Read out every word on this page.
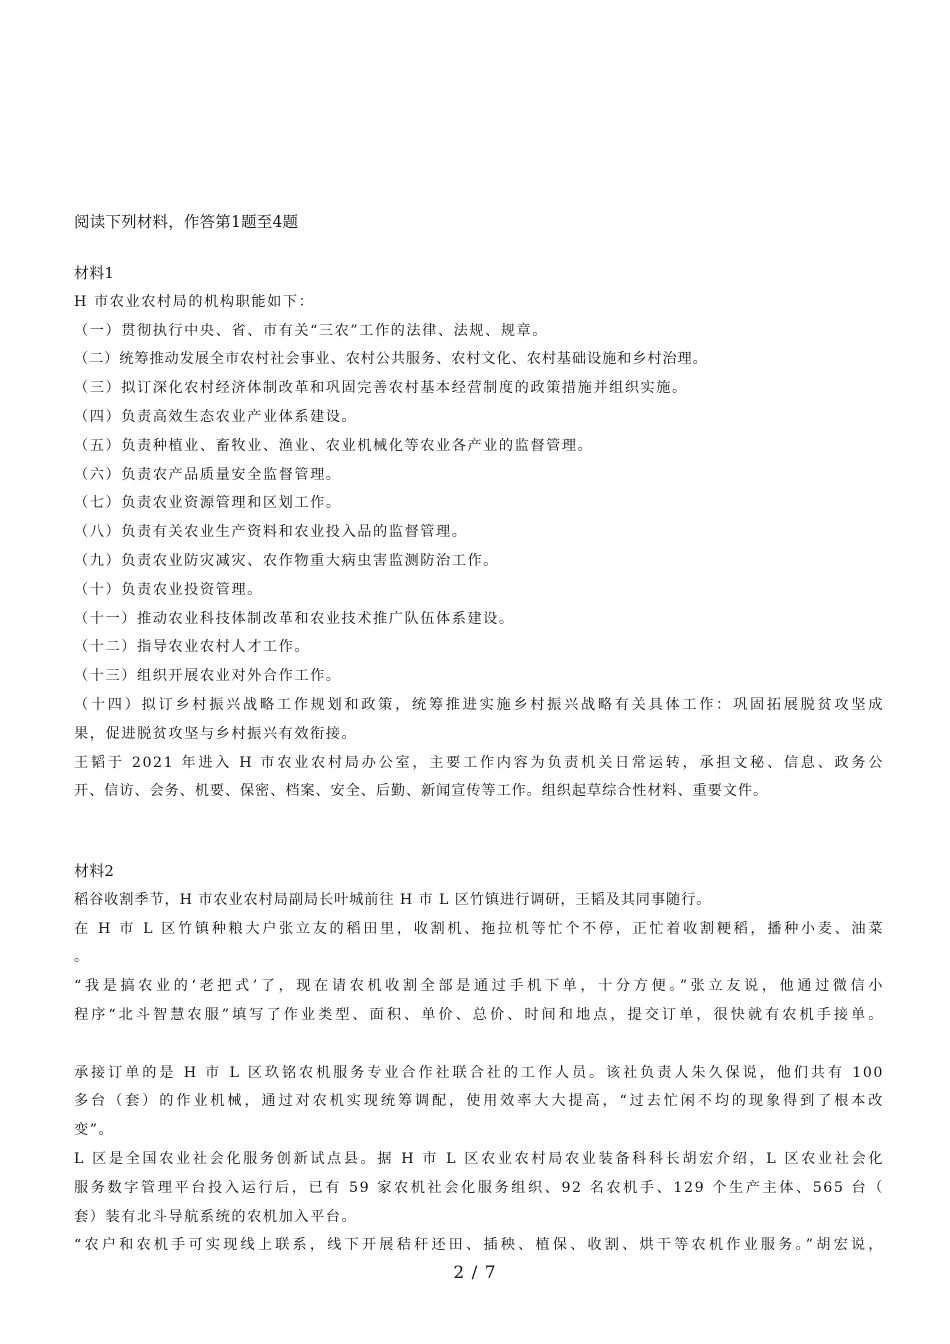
阅读下列材料，作答第1题至4题
材料1
H 市农业农村局的机构职能如下：
（一）贯彻执行中央、省、市有关“三农”工作的法律、法规、规章。
（二）统筹推动发展全市农村社会事业、农村公共服务、农村文化、农村基础设施和乡村治理。
（三）拟订深化农村经济体制改革和巩固完善农村基本经营制度的政策措施并组织实施。
（四）负责高效生态农业产业体系建设。
（五）负责种植业、畜牧业、渔业、农业机械化等农业各产业的监督管理。
（六）负责农产品质量安全监督管理。
（七）负责农业资源管理和区划工作。
（八）负责有关农业生产资料和农业投入品的监督管理。
（九）负责农业防灾减灾、农作物重大病虫害监测防治工作。
（十）负责农业投资管理。
（十一）推动农业科技体制改革和农业技术推广队伍体系建设。
（十二）指导农业农村人才工作。
（十三）组织开展农业对外合作工作。
（十四）拟订乡村振兴战略工作规划和政策，统筹推进实施乡村振兴战略有关具体工作：巩固拓展脱贫攻坚成
果，促进脱贫攻坚与乡村振兴有效衔接。
王韬于 2021 年进入 H 市农业农村局办公室，主要工作内容为负责机关日常运转，承担文秘、信息、政务公
开、信访、会务、机要、保密、档案、安全、后勤、新闻宣传等工作。组织起草综合性材料、重要文件。
材料2
稻谷收割季节，H 市农业农村局副局长叶城前往 H 市 L 区竹镇进行调研，王韬及其同事随行。
在 H 市 L 区竹镇种粮大户张立友的稻田里，收割机、拖拉机等忙个不停，正忙着收割粳稻，播种小麦、油菜
。
“我是搞农业的‘老把式’了，现在请农机收割全部是通过手机下单，十分方便。”张立友说，他通过微信小
程序“北斗智慧农服”填写了作业类型、面积、单价、总价、时间和地点，提交订单，很快就有农机手接单。
承接订单的是 H 市 L 区玖铭农机服务专业合作社联合社的工作人员。该社负责人朱久保说，他们共有 100
多台（套）的作业机械，通过对农机实现统筹调配，使用效率大大提高，“过去忙闲不均的现象得到了根本改
变”。
L 区是全国农业社会化服务创新试点县。据 H 市 L 区农业农村局农业装备科科长胡宏介绍，L 区农业社会化
服务数字管理平台投入运行后，已有 59 家农机社会化服务组织、92 名农机手、129 个生产主体、565 台（
套）装有北斗导航系统的农机加入平台。
“农户和农机手可实现线上联系，线下开展秸秆还田、插秧、植保、收割、烘干等农机作业服务。”胡宏说，
2 / 7
